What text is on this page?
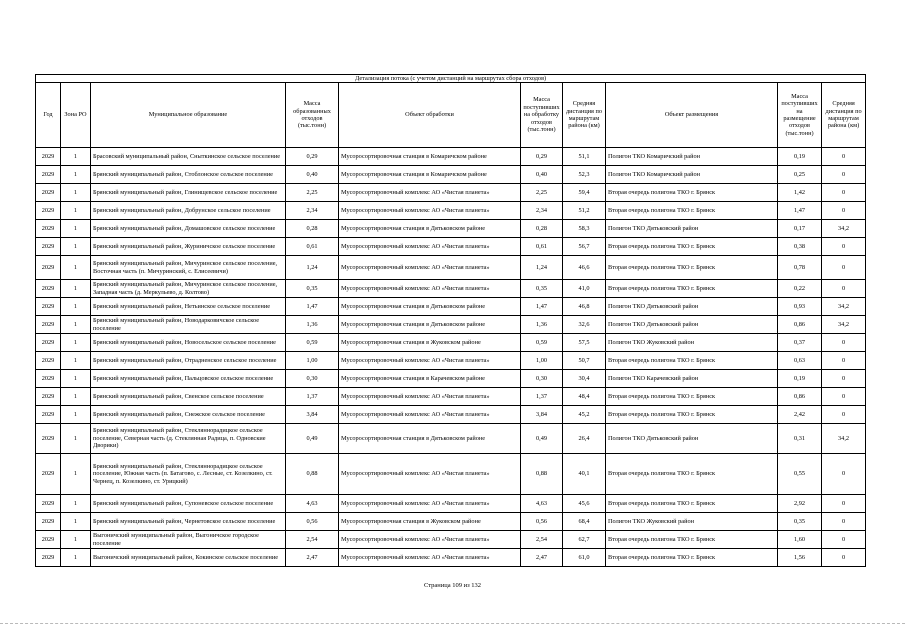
Детализация потока (с учетом дистанций на маршрутах сбора отходов)									
Год	Зона РО	Муниципальное образование	Масса образованных отходов (тыс.тонн)	Объект обработки	Масса поступивших на обработку отходов (тыс.тонн)	Средняя дистанция по маршрутам района (км)	Объект размещения	Масса поступивших на размещение отходов (тыс.тонн)	Средняя дистанция по маршрутам района (км)
2029	1	Брасовский муниципальный район, Сныткинское сельское поселение	0,29	Мусоросортировочная станция в Комаричском районе	0,29	51,1	Полигон ТКО Комаричский район	0,19	0
2029	1	Брянский муниципальный район, Стоблонское сельское поселение	0,40	Мусоросортировочная станция в Комаричском районе	0,40	52,3	Полигон ТКО Комаричский район	0,25	0
2029	1	Брянский муниципальный район, Глинищевское сельское поселение	2,25	Мусоросортировочный комплекс АО «Чистая планета»	2,25	59,4	Вторая очередь полигона ТКО г. Брянск	1,42	0
2029	1	Брянский муниципальный район, Добрунское сельское поселение	2,34	Мусоросортировочный комплекс АО «Чистая планета»	2,34	51,2	Вторая очередь полигона ТКО г. Брянск	1,47	0
2029	1	Брянский муниципальный район, Домашовское сельское поселение	0,28	Мусоросортировочная станция в Дятьковском районе	0,28	58,3	Полигон ТКО Дятьковский район	0,17	34,2
2029	1	Брянский муниципальный район, Журиничское сельское поселение	0,61	Мусоросортировочный комплекс АО «Чистая планета»	0,61	56,7	Вторая очередь полигона ТКО г. Брянск	0,38	0
2029	1	Брянский муниципальный район, Мичуринское сельское поселение, Восточная часть (п. Мичуринский, с. Елисеевичи)	1,24	Мусоросортировочный комплекс АО «Чистая планета»	1,24	46,6	Вторая очередь полигона ТКО г. Брянск	0,78	0
2029	1	Брянский муниципальный район, Мичуринское сельское поселение, Западная часть (д. Меркульево, д. Колтово)	0,35	Мусоросортировочный комплекс АО «Чистая планета»	0,35	41,0	Вторая очередь полигона ТКО г. Брянск	0,22	0
2029	1	Брянский муниципальный район, Нетьинское сельское поселение	1,47	Мусоросортировочная станция в Дятьковском районе	1,47	46,8	Полигон ТКО Дятьковский район	0,93	34,2
2029	1	Брянский муниципальный район, Новодарковичское сельское поселение	1,36	Мусоросортировочная станция в Дятьковском районе	1,36	32,6	Полигон ТКО Дятьковский район	0,86	34,2
2029	1	Брянский муниципальный район, Новосельское сельское поселение	0,59	Мусоросортировочная станция в Жуковском районе	0,59	57,5	Полигон ТКО Жуковский район	0,37	0
2029	1	Брянский муниципальный район, Отрадненское сельское поселение	1,00	Мусоросортировочный комплекс АО «Чистая планета»	1,00	50,7	Вторая очередь полигона ТКО г. Брянск	0,63	0
2029	1	Брянский муниципальный район, Пальцовское сельское поселение	0,30	Мусоросортировочная станция в Карачевском районе	0,30	30,4	Полигон ТКО Карачевский район	0,19	0
2029	1	Брянский муниципальный район, Свенское сельское поселение	1,37	Мусоросортировочный комплекс АО «Чистая планета»	1,37	48,4	Вторая очередь полигона ТКО г. Брянск	0,86	0
2029	1	Брянский муниципальный район, Снежское сельское поселение	3,84	Мусоросортировочный комплекс АО «Чистая планета»	3,84	45,2	Вторая очередь полигона ТКО г. Брянск	2,42	0
2029	1	Брянский муниципальный район, Стекляннорадицкое сельское поселение, Северная часть (д. Стеклянная Радица, п. Одновские Дворики)	0,49	Мусоросортировочная станция в Дятьковском районе	0,49	26,4	Полигон ТКО Дятьковский район	0,31	34,2
2029	1	Брянский муниципальный район, Стекляннорадицкое сельское поселение, Южная часть (п. Батагово, с. Лесные, ст. Козелкино, ст. Чернец, п. Козелкино, ст. Урицкий)	0,88	Мусоросортировочный комплекс АО «Чистая планета»	0,88	40,1	Вторая очередь полигона ТКО г. Брянск	0,55	0
2029	1	Брянский муниципальный район, Супоневское сельское поселение	4,63	Мусоросортировочный комплекс АО «Чистая планета»	4,63	45,6	Вторая очередь полигона ТКО г. Брянск	2,92	0
2029	1	Брянский муниципальный район, Чернетовское сельское поселение	0,56	Мусоросортировочная станция в Жуковском районе	0,56	68,4	Полигон ТКО Жуковский район	0,35	0
2029	1	Выгоничский муниципальный район, Выгоничское городское поселение	2,54	Мусоросортировочный комплекс АО «Чистая планета»	2,54	62,7	Вторая очередь полигона ТКО г. Брянск	1,60	0
2029	1	Выгоничский муниципальный район, Кокинское сельское поселение	2,47	Мусоросортировочный комплекс АО «Чистая планета»	2,47	61,0	Вторая очередь полигона ТКО г. Брянск	1,56	0
Страница 109 из 132
